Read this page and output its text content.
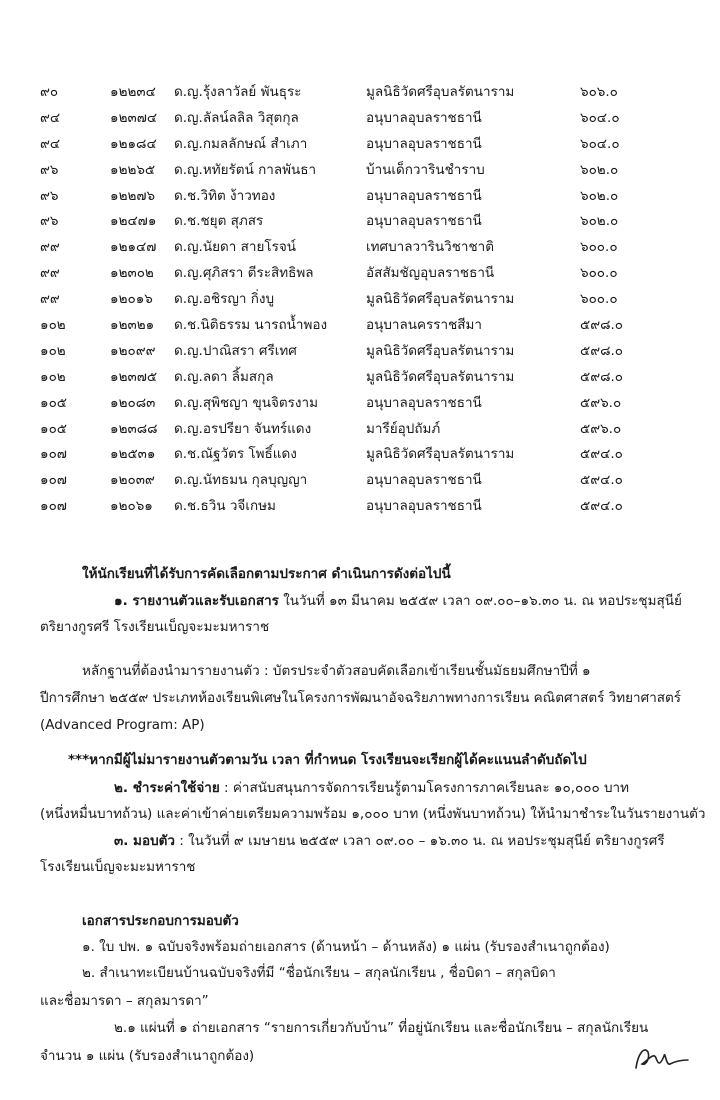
๙๐	๑๒๒๓๔	ด.ญ.รุ้งลาวัลย์ พันธุระ	มูลนิธิวัดศรีอุบลรัตนาราม	๖๐๖.๐
๙๔	๑๒๓๗๔	ด.ญ.ลัลน์ลลิล วิสุตกุล	อนุบาลอุบลราชธานี	๖๐๔.๐
๙๔	๑๒๑๘๔	ด.ญ.กมลลักษณ์ สำเภา	อนุบาลอุบลราชธานี	๖๐๔.๐
๙๖	๑๒๒๖๕	ด.ญ.หทัยรัตน์ กาลพันธา	บ้านเด็กวารินชำราบ	๖๐๒.๐
๙๖	๑๒๒๗๖	ด.ช.วิทิต ง้าวทอง	อนุบาลอุบลราชธานี	๖๐๒.๐
๙๖	๑๒๔๗๑	ด.ช.ชยุต สุภสร	อนุบาลอุบลราชธานี	๖๐๒.๐
๙๙	๑๒๑๔๗	ด.ญ.นัยดา สายโรจน์	เทศบาลวารินวิชาชาติ	๖๐๐.๐
๙๙	๑๒๓๐๒	ด.ญ.ศุภิสรา ตีระสิทธิพล	อัสสัมชัญอุบลราชธานี	๖๐๐.๐
๙๙	๑๒๐๑๖	ด.ญ.อชิรญา กิ่งบู	มูลนิธิวัดศรีอุบลรัตนาราม	๖๐๐.๐
๑๐๒	๑๒๓๒๑	ด.ช.นิติธรรม นารถน้ำพอง	อนุบาลนครราชสีมา	๕๙๘.๐
๑๐๒	๑๒๐๙๙	ด.ญ.ปาณิสรา ศรีเทศ	มูลนิธิวัดศรีอุบลรัตนาราม	๕๙๘.๐
๑๐๒	๑๒๓๗๕	ด.ญ.ลดา ลิ้มสกุล	มูลนิธิวัดศรีอุบลรัตนาราม	๕๙๘.๐
๑๐๕	๑๒๐๘๓	ด.ญ.สุพิชญา ขุนจิตรงาม	อนุบาลอุบลราชธานี	๕๙๖.๐
๑๐๕	๑๒๓๘๘	ด.ญ.อรปรียา จันทร์แดง	มารีย์อุปถัมภ์	๕๙๖.๐
๑๐๗	๑๒๕๓๑	ด.ช.ณัฐวัตร โพธิ์แดง	มูลนิธิวัดศรีอุบลรัตนาราม	๕๙๔.๐
๑๐๗	๑๒๐๓๙	ด.ญ.นัทธมน กุลบุญญา	อนุบาลอุบลราชธานี	๕๙๔.๐
๑๐๗	๑๒๐๖๑	ด.ช.ธวิน วจีเกษม	อนุบาลอุบลราชธานี	๕๙๔.๐
ให้นักเรียนที่ได้รับการคัดเลือกตามประกาศ ดำเนินการดังต่อไปนี้
๑. รายงานตัวและรับเอกสาร ในวันที่ ๑๓ มีนาคม ๒๕๕๙ เวลา ๐๙.๐๐–๑๖.๓๐ น. ณ หอประชุมสุนีย์
ตริยางกูรศรี โรงเรียนเบ็ญจะมะมหาราช
หลักฐานที่ต้องนำมารายงานตัว : บัตรประจำตัวสอบคัดเลือกเข้าเรียนชั้นมัธยมศึกษาปีที่ ๑
ปีการศึกษา ๒๕๕๙ ประเภทห้องเรียนพิเศษในโครงการพัฒนาอัจฉริยภาพทางการเรียน คณิตศาสตร์ วิทยาศาสตร์
(Advanced Program: AP)
***หากมีผู้ไม่มารายงานตัวตามวัน เวลา ที่กำหนด โรงเรียนจะเรียกผู้ได้คะแนนลำดับถัดไป
๒. ชำระค่าใช้จ่าย : ค่าสนับสนุนการจัดการเรียนรู้ตามโครงการภาคเรียนละ ๑๐,๐๐๐ บาท
(หนึ่งหมื่นบาทถ้วน) และค่าเข้าค่ายเตรียมความพร้อม ๑,๐๐๐ บาท (หนึ่งพันบาทถ้วน) ให้นำมาชำระในวันรายงานตัว
๓. มอบตัว : ในวันที่ ๙ เมษายน ๒๕๕๙ เวลา ๐๙.๐๐ – ๑๖.๓๐ น. ณ หอประชุมสุนีย์ ตริยางกูรศรี
โรงเรียนเบ็ญจะมะมหาราช
เอกสารประกอบการมอบตัว
๑. ใบ ปพ. ๑ ฉบับจริงพร้อมถ่ายเอกสาร (ด้านหน้า – ด้านหลัง) ๑ แผ่น (รับรองสำเนาถูกต้อง)
๒. สำเนาทะเบียนบ้านฉบับจริงที่มี “ชื่อนักเรียน – สกุลนักเรียน , ชื่อบิดา – สกุลบิดา
และชื่อมารดา – สกุลมารดา”
๒.๑ แผ่นที่ ๑ ถ่ายเอกสาร “รายการเกี่ยวกับบ้าน” ที่อยู่นักเรียน และชื่อนักเรียน – สกุลนักเรียน
จำนวน ๑ แผ่น (รับรองสำเนาถูกต้อง)
